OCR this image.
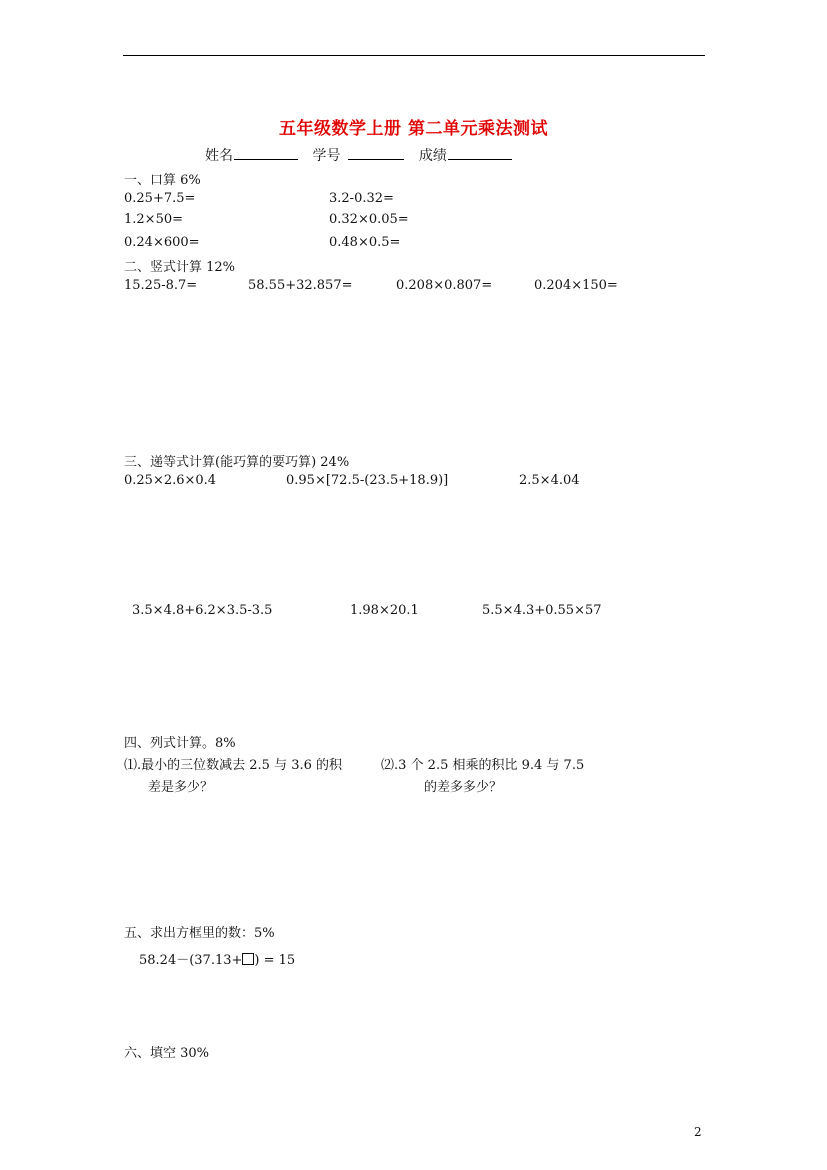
五年级数学上册 第二单元乘法测试
姓名	学号	成绩
一、口算 6%
0.25+7.5=	3.2-0.32=
1.2×50=	0.32×0.05=
0.24×600=	0.48×0.5=
二、竖式计算 12%
15.25-8.7=	58.55+32.857=	0.208×0.807=	0.204×150=
三、递等式计算(能巧算的要巧算) 24%
0.25×2.6×0.4	0.95×[72.5-(23.5+18.9)]	2.5×4.04
3.5×4.8+6.2×3.5-3.5	1.98×20.1	5.5×4.3+0.55×57
四、列式计算。8%
⑴.最小的三位数减去 2.5 与 3.6 的积
差是多少？
⑵.3 个 2.5 相乘的积比 9.4 与 7.5
的差多多少？
五、求出方框里的数：5%
58.24－(37.13+ ) = 15
六、填空 30%
2
